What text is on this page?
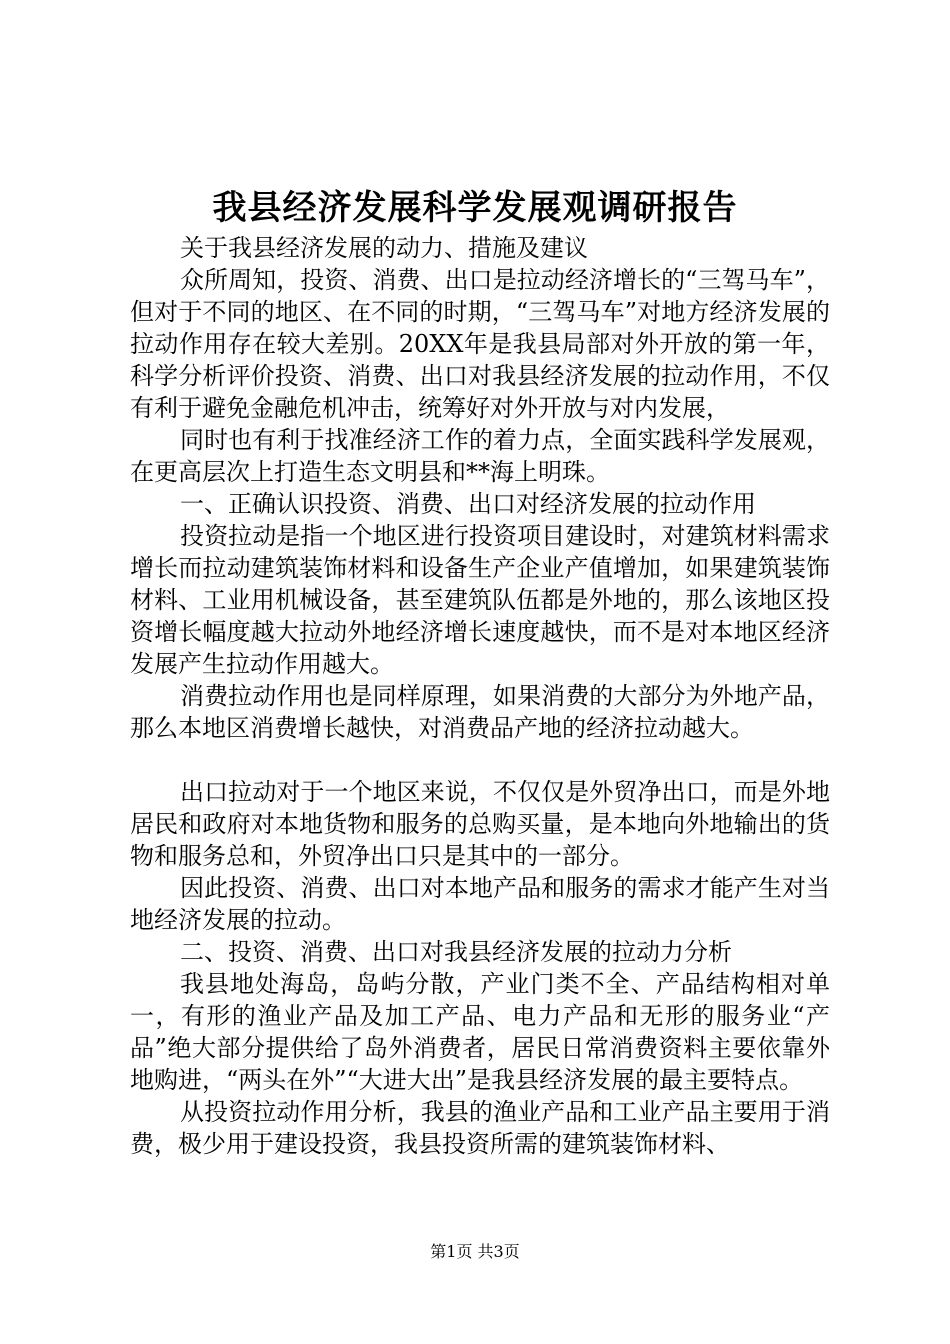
我县经济发展科学发展观调研报告

关于我县经济发展的动力、措施及建议

众所周知，投资、消费、出口是拉动经济增长的“三驾马车”，但对于不同的地区、在不同的时期，“三驾马车”对地方经济发展的拉动作用存在较大差别。20XX年是我县局部对外开放的第一年，科学分析评价投资、消费、出口对我县经济发展的拉动作用，不仅有利于避免金融危机冲击，统筹好对外开放与对内发展，

同时也有利于找准经济工作的着力点，全面实践科学发展观，在更高层次上打造生态文明县和**海上明珠。

一、正确认识投资、消费、出口对经济发展的拉动作用

投资拉动是指一个地区进行投资项目建设时，对建筑材料需求增长而拉动建筑装饰材料和设备生产企业产值增加，如果建筑装饰材料、工业用机械设备，甚至建筑队伍都是外地的，那么该地区投资增长幅度越大拉动外地经济增长速度越快，而不是对本地区经济发展产生拉动作用越大。

消费拉动作用也是同样原理，如果消费的大部分为外地产品，那么本地区消费增长越快，对消费品产地的经济拉动越大。

出口拉动对于一个地区来说，不仅仅是外贸净出口，而是外地居民和政府对本地货物和服务的总购买量，是本地向外地输出的货物和服务总和，外贸净出口只是其中的一部分。

因此投资、消费、出口对本地产品和服务的需求才能产生对当地经济发展的拉动。

二、投资、消费、出口对我县经济发展的拉动力分析

我县地处海岛，岛屿分散，产业门类不全、产品结构相对单一，有形的渔业产品及加工产品、电力产品和无形的服务业“产品”绝大部分提供给了岛外消费者，居民日常消费资料主要依靠外地购进，“两头在外”“大进大出”是我县经济发展的最主要特点。

从投资拉动作用分析，我县的渔业产品和工业产品主要用于消费，极少用于建设投资，我县投资所需的建筑装饰材料、

第1页 共3页
